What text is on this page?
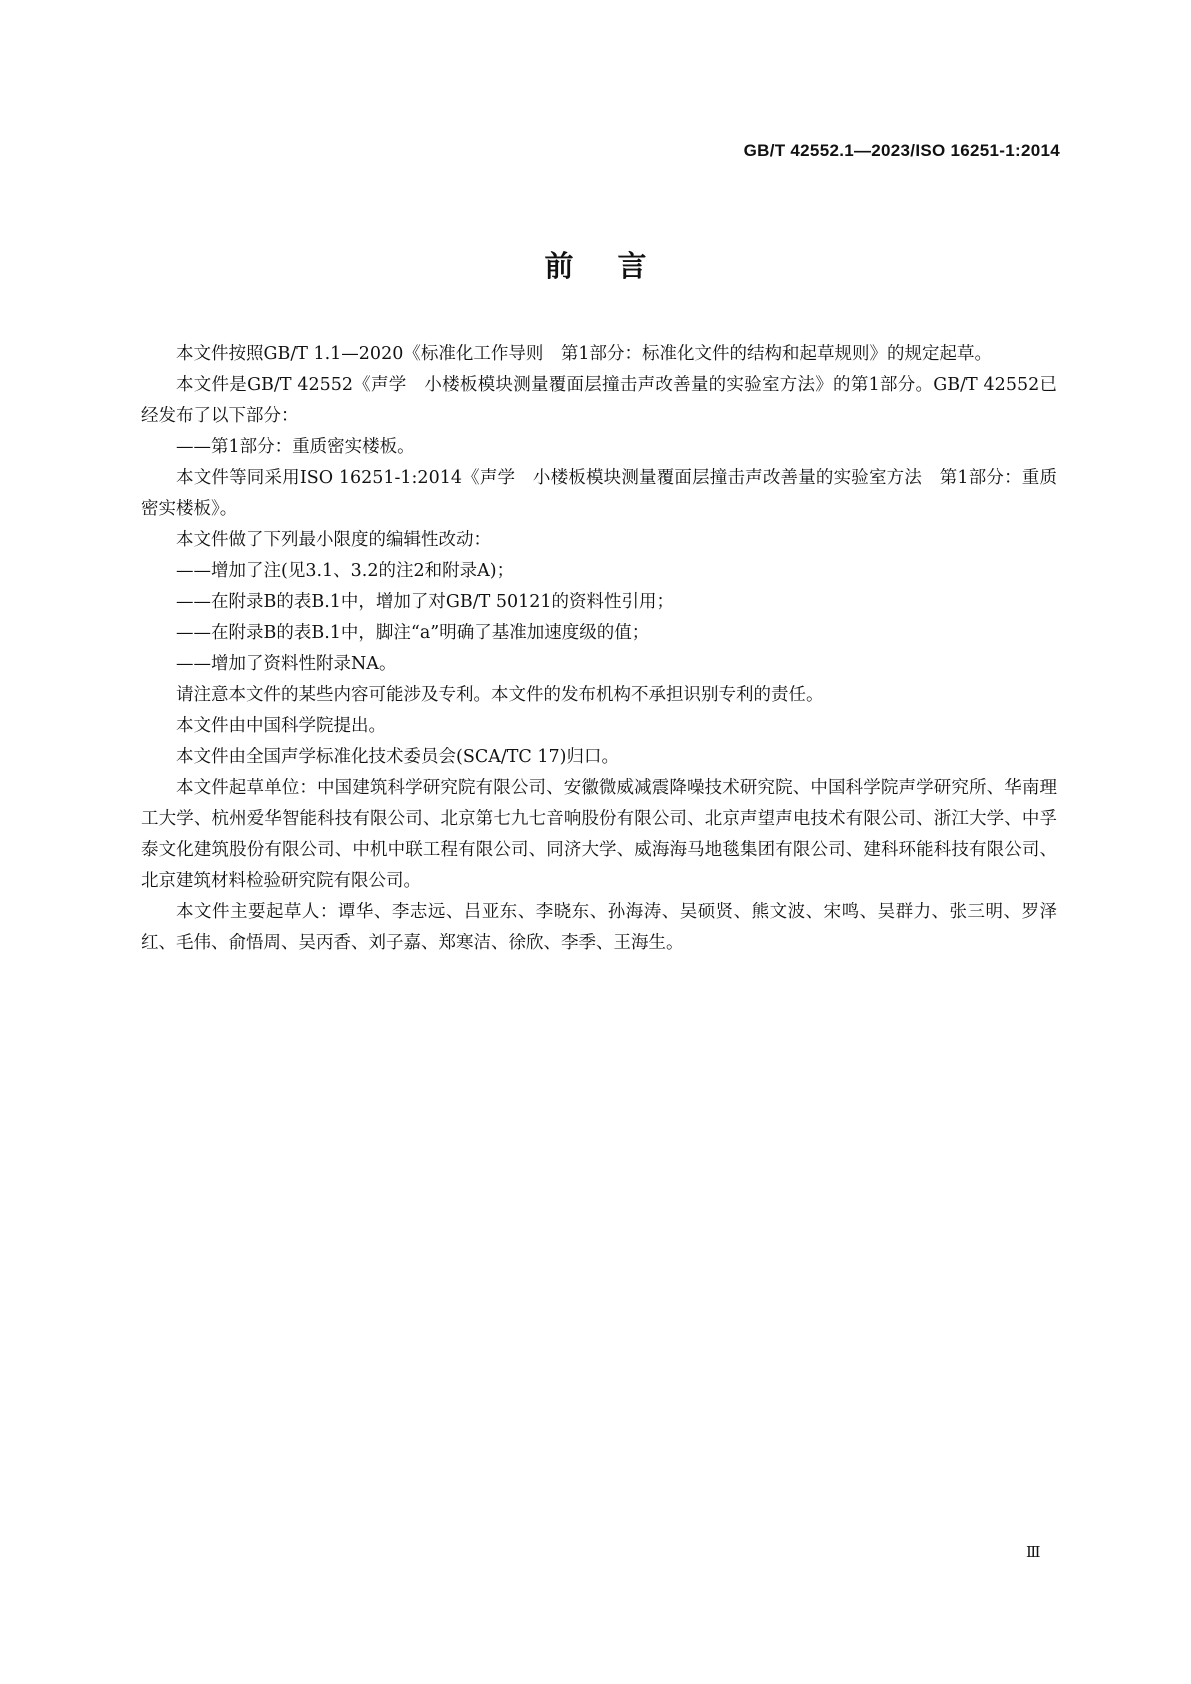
GB/T 42552.1—2023/ISO 16251-1:2014
前言

本文件按照GB/T 1.1—2020《标准化工作导则　第1部分：标准化文件的结构和起草规则》的规定起草。

本文件是GB/T 42552《声学　小楼板模块测量覆面层撞击声改善量的实验室方法》的第1部分。GB/T 42552已经发布了以下部分：

——第1部分：重质密实楼板。

本文件等同采用ISO 16251-1:2014《声学　小楼板模块测量覆面层撞击声改善量的实验室方法　第1部分：重质密实楼板》。

本文件做了下列最小限度的编辑性改动：

——增加了注(见3.1、3.2的注2和附录A)；

——在附录B的表B.1中，增加了对GB/T 50121的资料性引用；

——在附录B的表B.1中，脚注“a”明确了基准加速度级的值；

——增加了资料性附录NA。

请注意本文件的某些内容可能涉及专利。本文件的发布机构不承担识别专利的责任。

本文件由中国科学院提出。

本文件由全国声学标准化技术委员会(SCA/TC 17)归口。

本文件起草单位：中国建筑科学研究院有限公司、安徽微威减震降噪技术研究院、中国科学院声学研究所、华南理工大学、杭州爱华智能科技有限公司、北京第七九七音响股份有限公司、北京声望声电技术有限公司、浙江大学、中孚泰文化建筑股份有限公司、中机中联工程有限公司、同济大学、威海海马地毯集团有限公司、建科环能科技有限公司、北京建筑材料检验研究院有限公司。

本文件主要起草人：谭华、李志远、吕亚东、李晓东、孙海涛、吴硕贤、熊文波、宋鸣、吴群力、张三明、罗泽红、毛伟、俞悟周、吴丙香、刘子嘉、郑寒洁、徐欣、李季、王海生。

Ⅲ
